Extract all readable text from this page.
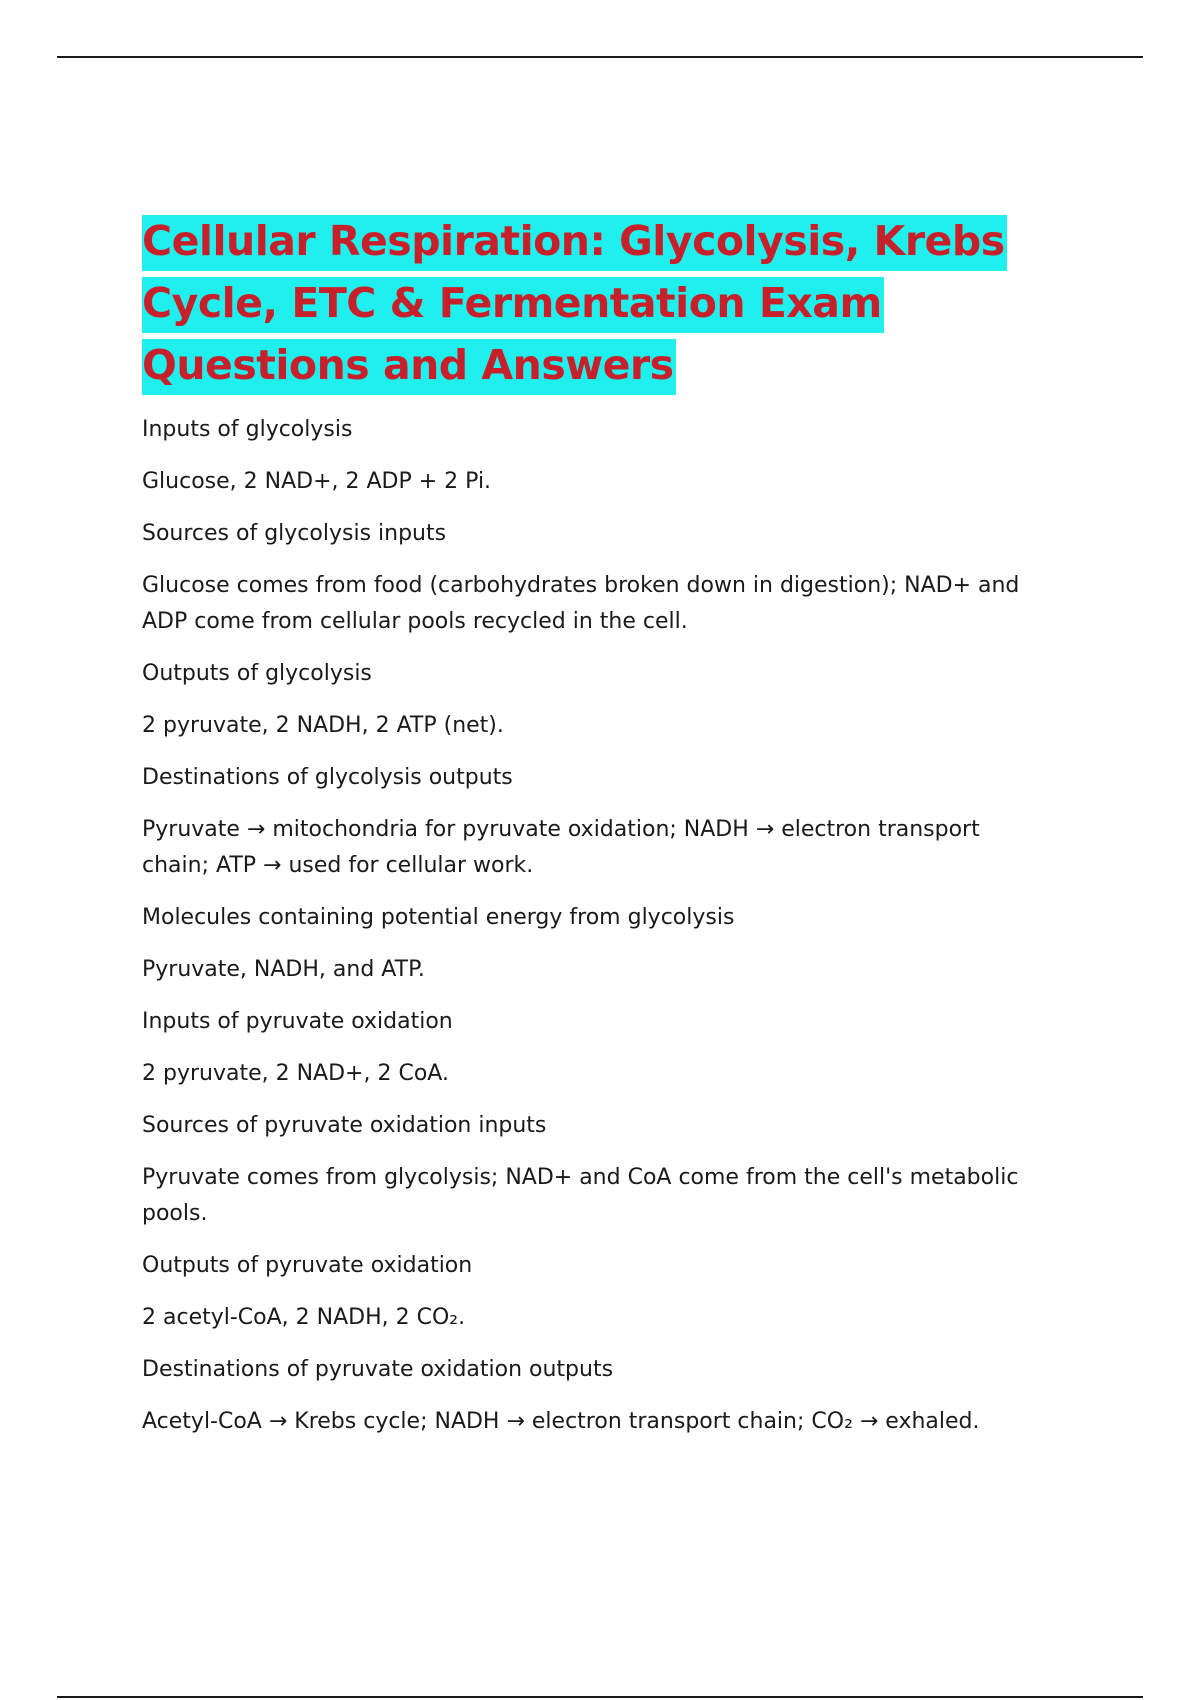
Cellular Respiration: Glycolysis, Krebs Cycle, ETC & Fermentation Exam Questions and Answers

Inputs of glycolysis

Glucose, 2 NAD+, 2 ADP + 2 Pi.

Sources of glycolysis inputs

Glucose comes from food (carbohydrates broken down in digestion); NAD+ and ADP come from cellular pools recycled in the cell.

Outputs of glycolysis

2 pyruvate, 2 NADH, 2 ATP (net).

Destinations of glycolysis outputs

Pyruvate → mitochondria for pyruvate oxidation; NADH → electron transport chain; ATP → used for cellular work.

Molecules containing potential energy from glycolysis

Pyruvate, NADH, and ATP.

Inputs of pyruvate oxidation

2 pyruvate, 2 NAD+, 2 CoA.

Sources of pyruvate oxidation inputs

Pyruvate comes from glycolysis; NAD+ and CoA come from the cell's metabolic pools.

Outputs of pyruvate oxidation

2 acetyl-CoA, 2 NADH, 2 CO₂.

Destinations of pyruvate oxidation outputs

Acetyl-CoA → Krebs cycle; NADH → electron transport chain; CO₂ → exhaled.
